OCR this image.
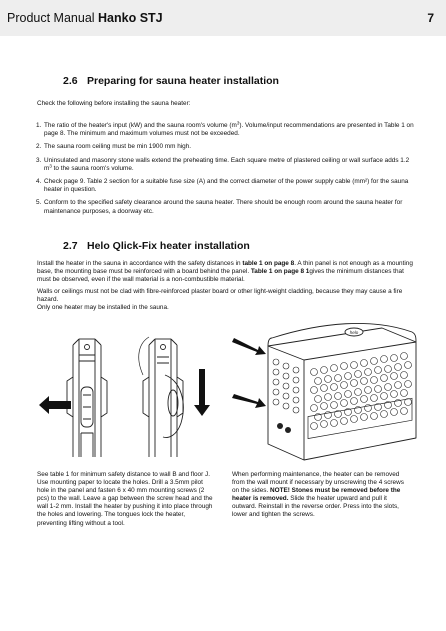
Product Manual Hanko STJ	7
2.6 Preparing for sauna heater installation

Check the following before installing the sauna heater:

1. The ratio of the heater's input (kW) and the sauna room's volume $(m^3)$. Volume/input recommendations are presented in Table 1 on page 8. The minimum and maximum volumes must not be exceeded.
2. The sauna room ceiling must be min 1900 mm high.
3. Uninsulated and masonry stone walls extend the preheating time. Each square metre of plastered ceiling or wall surface adds 1.2 $m^3$ to the sauna room's volume.
4. Check page 9. Table 2 section for a suitable fuse size (A) and the correct diameter of the power supply cable (mm²) for the sauna heater in question.
5. Conform to the specified safety clearance around the sauna heater. There should be enough room around the sauna heater for maintenance purposes, a doorway etc.
2.7 Helo Qlick-Fix heater installation

Install the heater in the sauna in accordance with the safety distances in table 1 on page 8. A thin panel is not enough as a mounting base, the mounting base must be reinforced with a board behind the panel. Table 1 on page 8 1gives the minimum distances that must be observed, even if the wall material is a non-combustible material.

Walls or ceilings must not be clad with fibre-reinforced plaster board or other light-weight cladding, because they may cause a fire hazard.

Only one heater may be installed in the sauna.

helo

See table 1 for minimum safety distance to wall B and floor J. Use mounting paper to locate the holes. Drill a 3.5mm pilot hole in the panel and fasten 6 x 40 mm mounting screws (2 pcs) to the wall. Leave a gap between the screw head and the wall 1-2 mm. Install the heater by pushing it into place through the holes and lowering. The tongues lock the heater, preventing lifting without a tool.

When performing maintenance, the heater can be removed from the wall mount if necessary by unscrewing the 4 screws on the sides. NOTE! Stones must be removed before the heater is removed. Slide the heater upward and pull it outward. Reinstall in the reverse order. Press into the slots, lower and tighten the screws.
